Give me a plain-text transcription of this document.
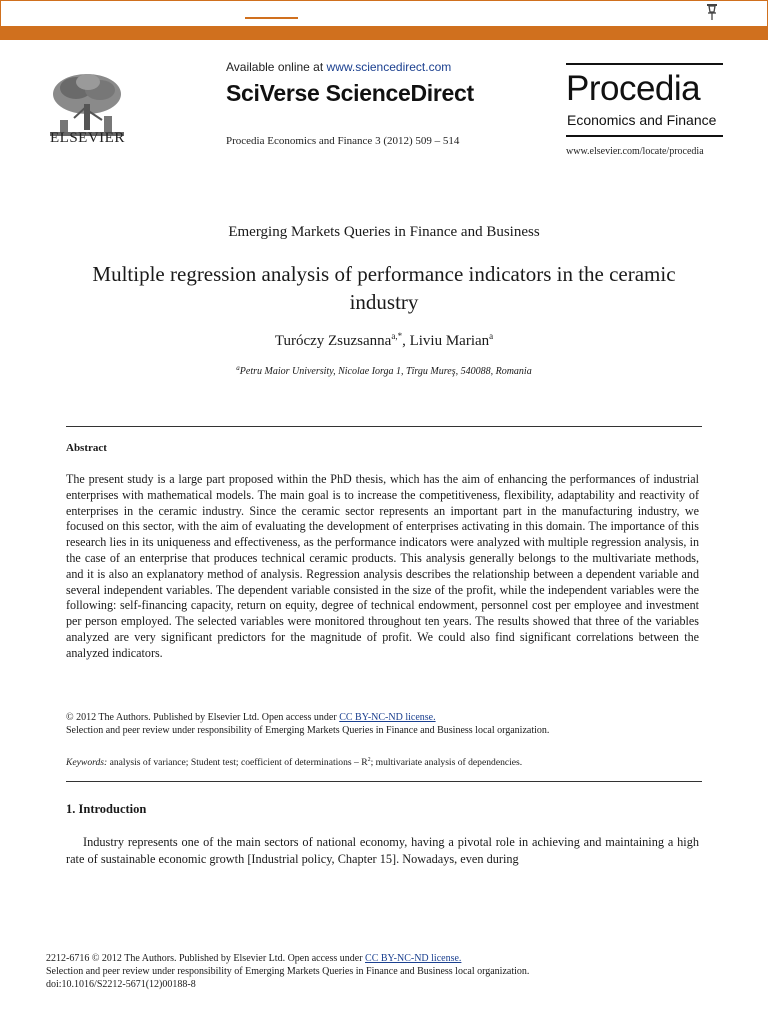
ELSEVIER
Available online at www.sciencedirect.com
SciVerse ScienceDirect
Procedia Economics and Finance 3 (2012) 509 – 514
Procedia
Economics and Finance
www.elsevier.com/locate/procedia
Emerging Markets Queries in Finance and Business
Multiple regression analysis of performance indicators in the ceramic industry
Turóczy Zsuzsanna$^{a,*}$, Liviu Marian$^a$
$^a$Petru Maior University, Nicolae Iorga 1, Tîrgu Mureş, 540088, Romania
Abstract
The present study is a large part proposed within the PhD thesis, which has the aim of enhancing the performances of industrial enterprises with mathematical models. The main goal is to increase the competitiveness, flexibility, adaptability and reactivity of enterprises in the ceramic industry. Since the ceramic sector represents an important part in the manufacturing industry, we focused on this sector, with the aim of evaluating the development of enterprises activating in this domain. The importance of this research lies in its uniqueness and effectiveness, as the performance indicators were analyzed with multiple regression analysis, in the case of an enterprise that produces technical ceramic products. This analysis generally belongs to the multivariate methods, and it is also an explanatory method of analysis. Regression analysis describes the relationship between a dependent variable and several independent variables. The dependent variable consisted in the size of the profit, while the independent variables were the following: self-financing capacity, return on equity, degree of technical endowment, personnel cost per employee and investment per person employed. The selected variables were monitored throughout ten years. The results showed that three of the variables analyzed are very significant predictors for the magnitude of profit. We could also find significant correlations between the analyzed indicators.
© 2012 The Authors. Published by Elsevier Ltd. Open access under CC BY-NC-ND license.
Selection and peer review under responsibility of Emerging Markets Queries in Finance and Business local organization.
Keywords: analysis of variance; Student test; coefficient of determinations – $R^2$; multivariate analysis of dependencies.
1. Introduction
Industry represents one of the main sectors of national economy, having a pivotal role in achieving and maintaining a high rate of sustainable economic growth [Industrial policy, Chapter 15]. Nowadays, even during
2212-6716 © 2012 The Authors. Published by Elsevier Ltd. Open access under CC BY-NC-ND license.
Selection and peer review under responsibility of Emerging Markets Queries in Finance and Business local organization.
doi:10.1016/S2212-5671(12)00188-8
